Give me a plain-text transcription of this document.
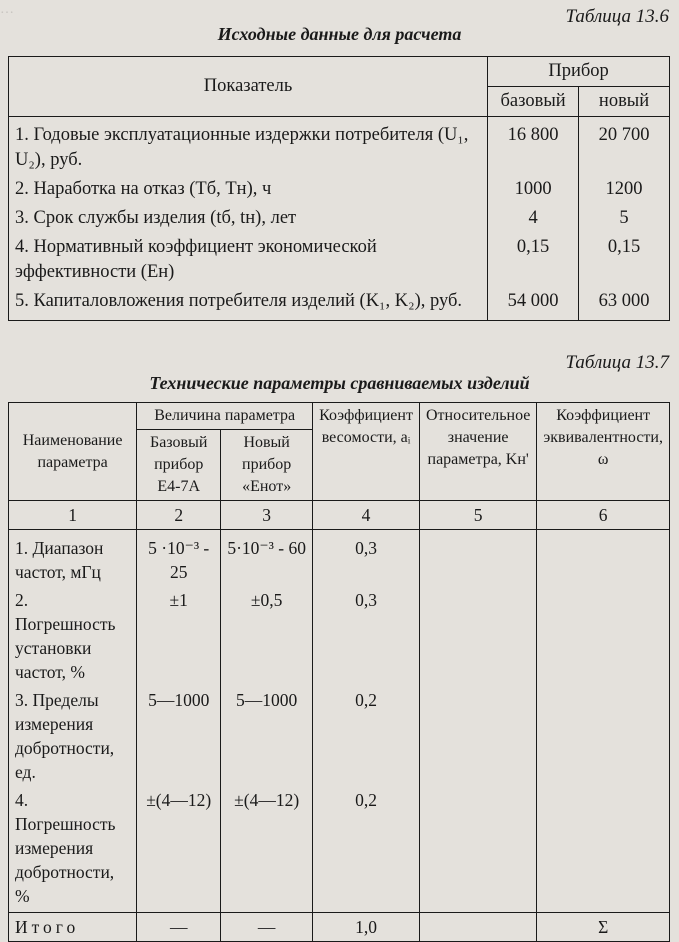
…	Таблица 13.6
Исходные данные для расчета
Показатель	Прибор	
	базовый	новый
1. Годовые эксплуатационные издержки потребителя (U₁, U₂), руб.	16 800	20 700
2. Наработка на отказ (Tб, Tн), ч	1000	1200
3. Срок службы изделия (tб, tн), лет	4	5
4. Нормативный коэффициент экономической эффективности (Eн)	0,15	0,15
5. Капиталовложения потребителя изделий (K₁, K₂), руб.	54 000	63 000
Таблица 13.7
Технические параметры сравниваемых изделий
Наименование параметра	Величина параметра		Коэффициент весомости, aᵢ	Относительное значение параметра, Kн'	Коэффициент эквивалентности, ω
	Базовый прибор Е4-7А	Новый прибор «Енот»			
1	2	3	4	5	6
1. Диапазон частот, мГц	5 ·10⁻³ - 25	5·10⁻³ - 60	0,3		
2. Погрешность установки частот, %	±1	±0,5	0,3		
3. Пределы измерения добротности, ед.	5—1000	5—1000	0,2		
4. Погрешность измерения добротности, %	±(4—12)	±(4—12)	0,2		
Итого	—	—	1,0		Σ
